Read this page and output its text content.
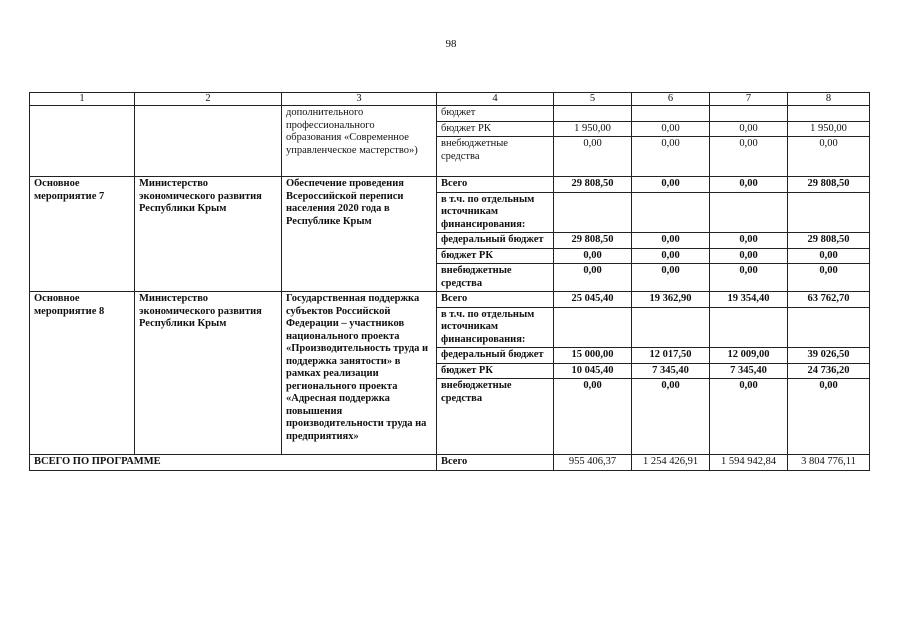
98
1	2	3	4	5	6	7	8
		дополнительного профессионального образования «Современное управленческое мастерство»)	бюджет				
			бюджет РК	1 950,00	0,00	0,00	1 950,00
			внебюджетные средства	0,00	0,00	0,00	0,00
Основное мероприятие 7	Министерство экономического развития Республики Крым	Обеспечение проведения Всероссийской переписи населения 2020 года в Республике Крым	Всего	29 808,50	0,00	0,00	29 808,50
			в т.ч. по отдельным источникам финансирования:				
			федеральный бюджет	29 808,50	0,00	0,00	29 808,50
			бюджет РК	0,00	0,00	0,00	0,00
			внебюджетные средства	0,00	0,00	0,00	0,00
Основное мероприятие 8	Министерство экономического развития Республики Крым	Государственная поддержка субъектов Российской Федерации – участников национального проекта «Производительность труда и поддержка занятости» в рамках реализации регионального проекта «Адресная поддержка повышения производительности труда на предприятиях»	Всего	25 045,40	19 362,90	19 354,40	63 762,70
			в т.ч. по отдельным источникам финансирования:				
			федеральный бюджет	15 000,00	12 017,50	12 009,00	39 026,50
			бюджет РК	10 045,40	7 345,40	7 345,40	24 736,20
			внебюджетные средства	0,00	0,00	0,00	0,00
ВСЕГО ПО ПРОГРАММЕ			Всего	955 406,37	1 254 426,91	1 594 942,84	3 804 776,11
